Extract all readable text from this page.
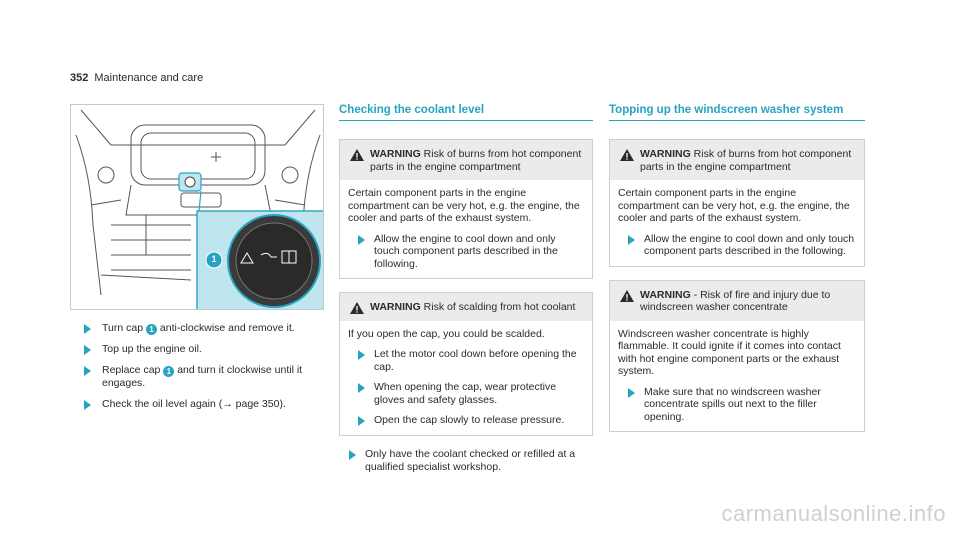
352 Maintenance and care
1
Turn cap 1 anti-clockwise and remove it.
Top up the engine oil.
Replace cap 1 and turn it clockwise until it engages.
Check the oil level again (→ page 350).
Checking the coolant level
WARNING Risk of burns from hot component parts in the engine compartment
Certain component parts in the engine compartment can be very hot, e.g. the engine, the cooler and parts of the exhaust system.
Allow the engine to cool down and only touch component parts described in the following.
WARNING Risk of scalding from hot coolant
If you open the cap, you could be scalded.
Let the motor cool down before opening the cap.
When opening the cap, wear protective gloves and safety glasses.
Open the cap slowly to release pressure.
Only have the coolant checked or refilled at a qualified specialist workshop.
Topping up the windscreen washer system
WARNING Risk of burns from hot component parts in the engine compartment
Certain component parts in the engine compartment can be very hot, e.g. the engine, the cooler and parts of the exhaust system.
Allow the engine to cool down and only touch component parts described in the following.
WARNING - Risk of fire and injury due to windscreen washer concentrate
Windscreen washer concentrate is highly flammable. It could ignite if it comes into contact with hot engine component parts or the exhaust system.
Make sure that no windscreen washer concentrate spills out next to the filler opening.
carmanualsonline.info
